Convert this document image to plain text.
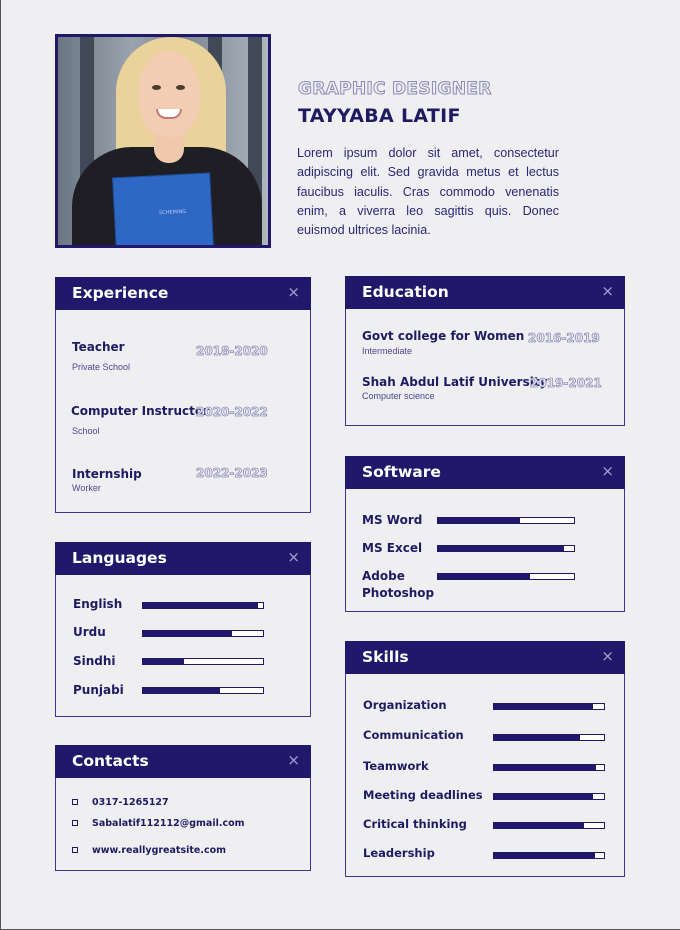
SCHEMING
GRAPHIC DESIGNER
TAYYABA LATIF
Lorem ipsum dolor sit amet, consectetur adipiscing elit. Sed gravida metus et lectus faucibus iaculis. Cras commodo venenatis enim, a viverra leo sagittis quis. Donec euismod ultrices lacinia.
Experience	×
Teacher
Private School
2018-2020
Computer Instructor
School
2020-2022
Internship
Worker
2022-2023
Education	×
Govt college for Women
Intermediate
2016-2019
Shah Abdul Latif University
Computer science
2019-2021
Software	×
MS Word
MS Excel
Adobe
Photoshop
Languages	×
English
Urdu
Sindhi
Punjabi
Skills	×
Organization
Communication
Teamwork
Meeting deadlines
Critical thinking
Leadership
Contacts	×
0317-1265127
Sabalatif112112@gmail.com
www.reallygreatsite.com
